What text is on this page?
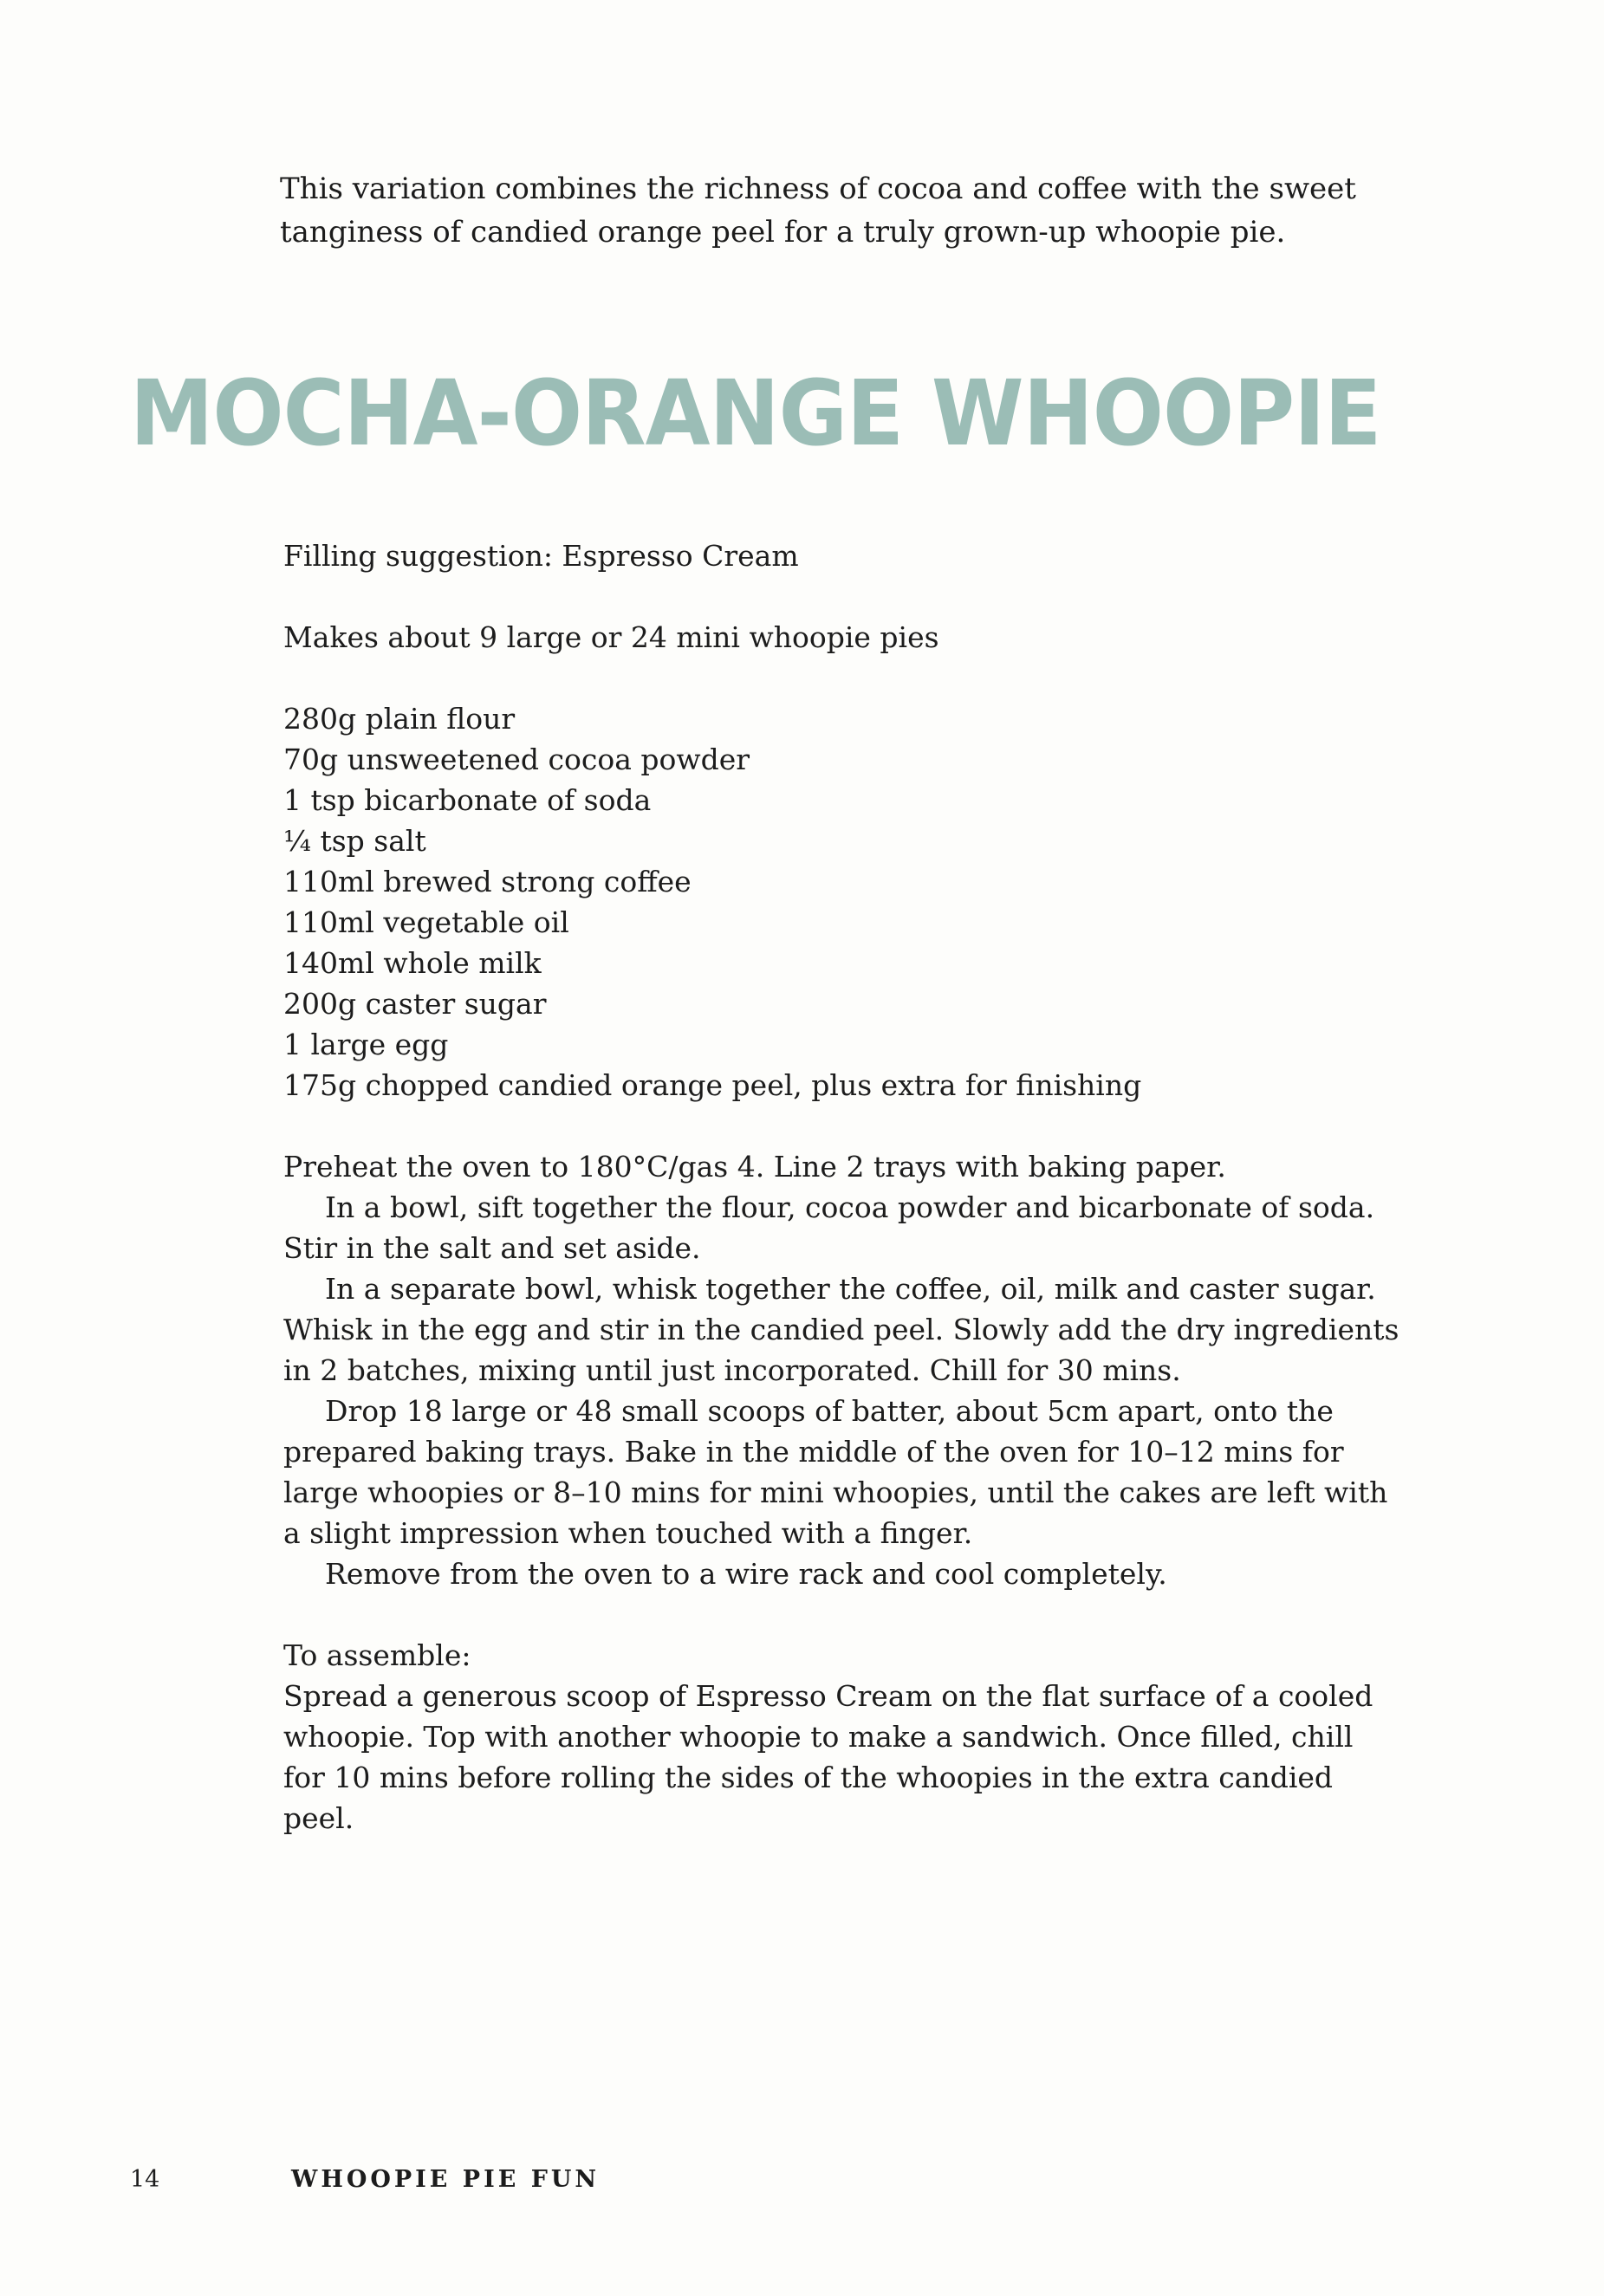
This variation combines the richness of cocoa and coffee with the sweet tanginess of candied orange peel for a truly grown-up whoopie pie.

MOCHA-ORANGE WHOOPIE

Filling suggestion: Espresso Cream

Makes about 9 large or 24 mini whoopie pies

280g plain flour
70g unsweetened cocoa powder
1 tsp bicarbonate of soda
¼ tsp salt
110ml brewed strong coffee
110ml vegetable oil
140ml whole milk
200g caster sugar
1 large egg
175g chopped candied orange peel, plus extra for finishing

Preheat the oven to 180°C/gas 4. Line 2 trays with baking paper.

In a bowl, sift together the flour, cocoa powder and bicarbonate of soda. Stir in the salt and set aside.

In a separate bowl, whisk together the coffee, oil, milk and caster sugar. Whisk in the egg and stir in the candied peel. Slowly add the dry ingredients in 2 batches, mixing until just incorporated. Chill for 30 mins.

Drop 18 large or 48 small scoops of batter, about 5cm apart, onto the prepared baking trays. Bake in the middle of the oven for 10–12 mins for large whoopies or 8–10 mins for mini whoopies, until the cakes are left with a slight impression when touched with a finger.

Remove from the oven to a wire rack and cool completely.

To assemble:

Spread a generous scoop of Espresso Cream on the flat surface of a cooled whoopie. Top with another whoopie to make a sandwich. Once filled, chill for 10 mins before rolling the sides of the whoopies in the extra candied peel.

14	WHOOPIE PIE FUN
